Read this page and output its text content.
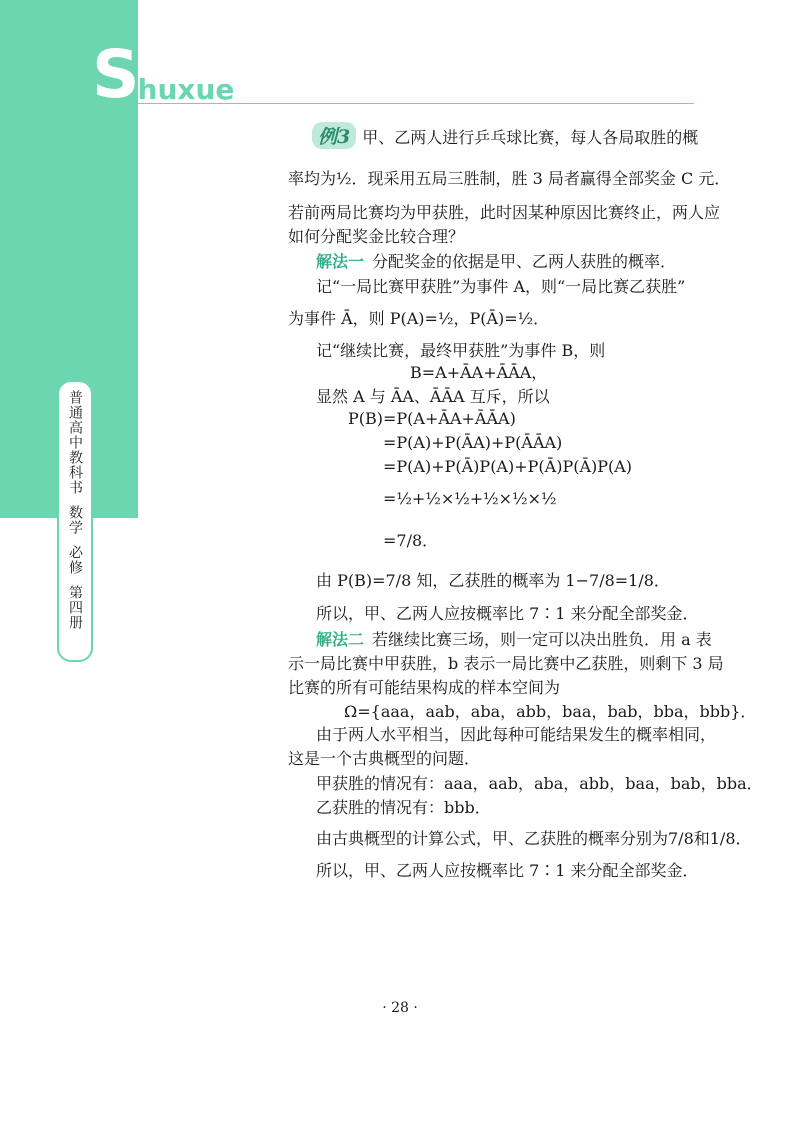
S
huxue
普通高中教科书
数学
必修
第四册
例3 甲、乙两人进行乒乓球比赛，每人各局取胜的概
率均为½．现采用五局三胜制，胜 3 局者赢得全部奖金 C 元．
若前两局比赛均为甲获胜，此时因某种原因比赛终止，两人应
如何分配奖金比较合理？
解法一 分配奖金的依据是甲、乙两人获胜的概率．
记“一局比赛甲获胜”为事件 A，则“一局比赛乙获胜”
为事件 Ā，则 P(A)=½，P(Ā)=½．
记“继续比赛，最终甲获胜”为事件 B，则
B=A+ĀA+ĀĀA，
显然 A 与 ĀA、ĀĀA 互斥，所以
P(B)=P(A+ĀA+ĀĀA)
=P(A)+P(ĀA)+P(ĀĀA)
=P(A)+P(Ā)P(A)+P(Ā)P(Ā)P(A)
=½+½×½+½×½×½
=7/8．
由 P(B)=7/8 知，乙获胜的概率为 1−7/8=1/8．
所以，甲、乙两人应按概率比 7∶1 来分配全部奖金．
解法二 若继续比赛三场，则一定可以决出胜负．用 a 表
示一局比赛中甲获胜，b 表示一局比赛中乙获胜，则剩下 3 局
比赛的所有可能结果构成的样本空间为
Ω={aaa，aab，aba，abb，baa，bab，bba，bbb}．
由于两人水平相当，因此每种可能结果发生的概率相同，
这是一个古典概型的问题．
甲获胜的情况有：aaa，aab，aba，abb，baa，bab，bba．
乙获胜的情况有：bbb．
由古典概型的计算公式，甲、乙获胜的概率分别为7/8和1/8．
所以，甲、乙两人应按概率比 7∶1 来分配全部奖金．
· 28 ·
